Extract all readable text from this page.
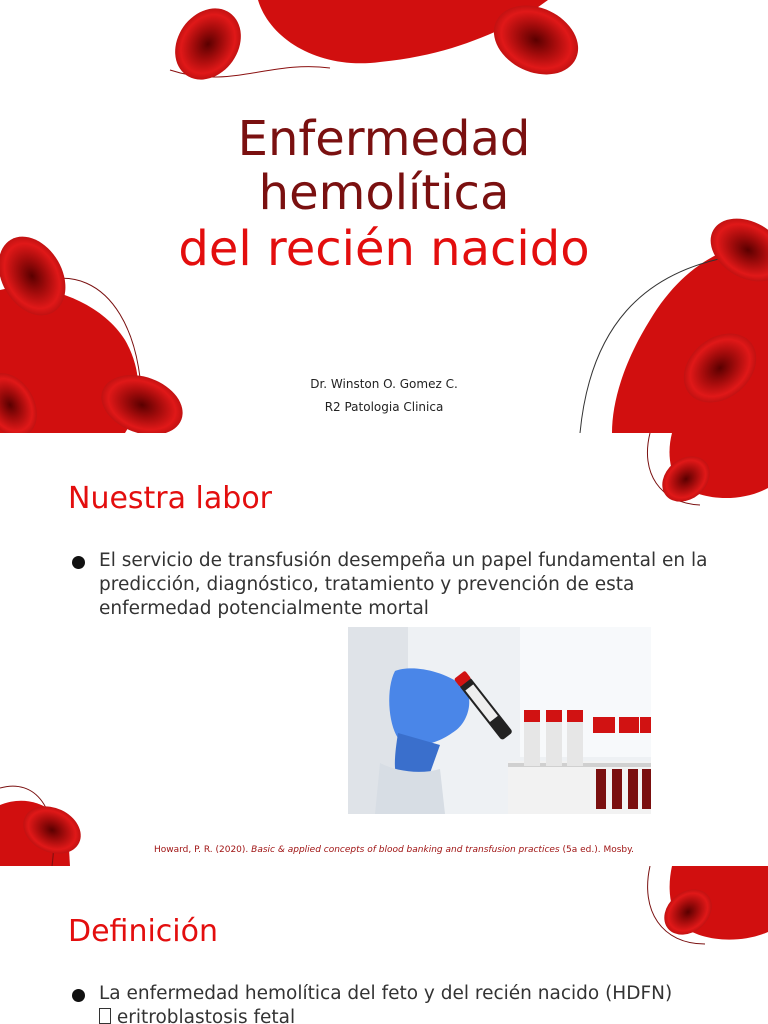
Enfermedad
hemolítica
del recién nacido
Dr. Winston O. Gomez C.
R2 Patologia Clinica
Nuestra labor
El servicio de transfusión desempeña un papel fundamental en la predicción, diagnóstico, tratamiento y prevención de esta enfermedad potencialmente mortal
Howard, P. R. (2020). Basic & applied concepts of blood banking and transfusion practices (5a ed.). Mosby.
Definición
La enfermedad hemolítica del feto y del recién nacido (HDFN)
eritroblastosis fetal
